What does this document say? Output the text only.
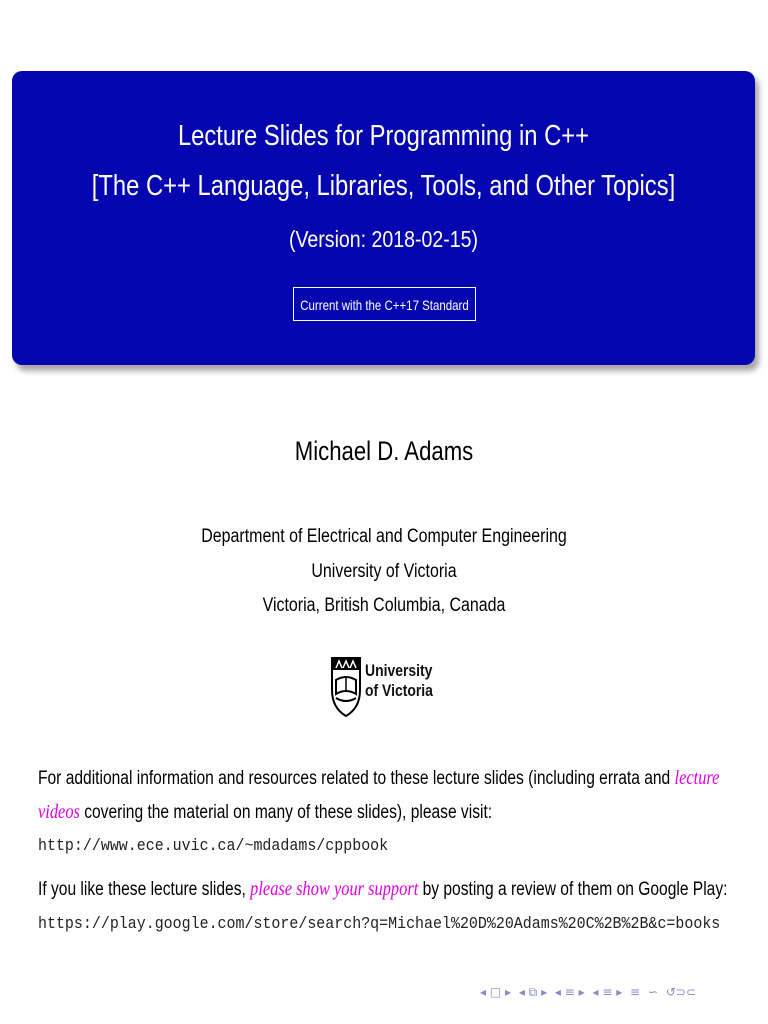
Lecture Slides for Programming in C++
[The C++ Language, Libraries, Tools, and Other Topics]
(Version: 2018-02-15)
Current with the C++17 Standard
Michael D. Adams
Department of Electrical and Computer Engineering
University of Victoria
Victoria, British Columbia, Canada
University
of Victoria
For additional information and resources related to these lecture slides (including errata and lecture
videos covering the material on many of these slides), please visit:
http://www.ece.uvic.ca/~mdadams/cppbook
If you like these lecture slides, please show your support by posting a review of them on Google Play:
https://play.google.com/store/search?q=Michael%20D%20Adams%20C%2B%2B&c=books
◂ □ ▸ ◂ ⧉ ▸ ◂ ≡ ▸ ◂ ≡ ▸ ≡ ∽ ↺⊃⊂
